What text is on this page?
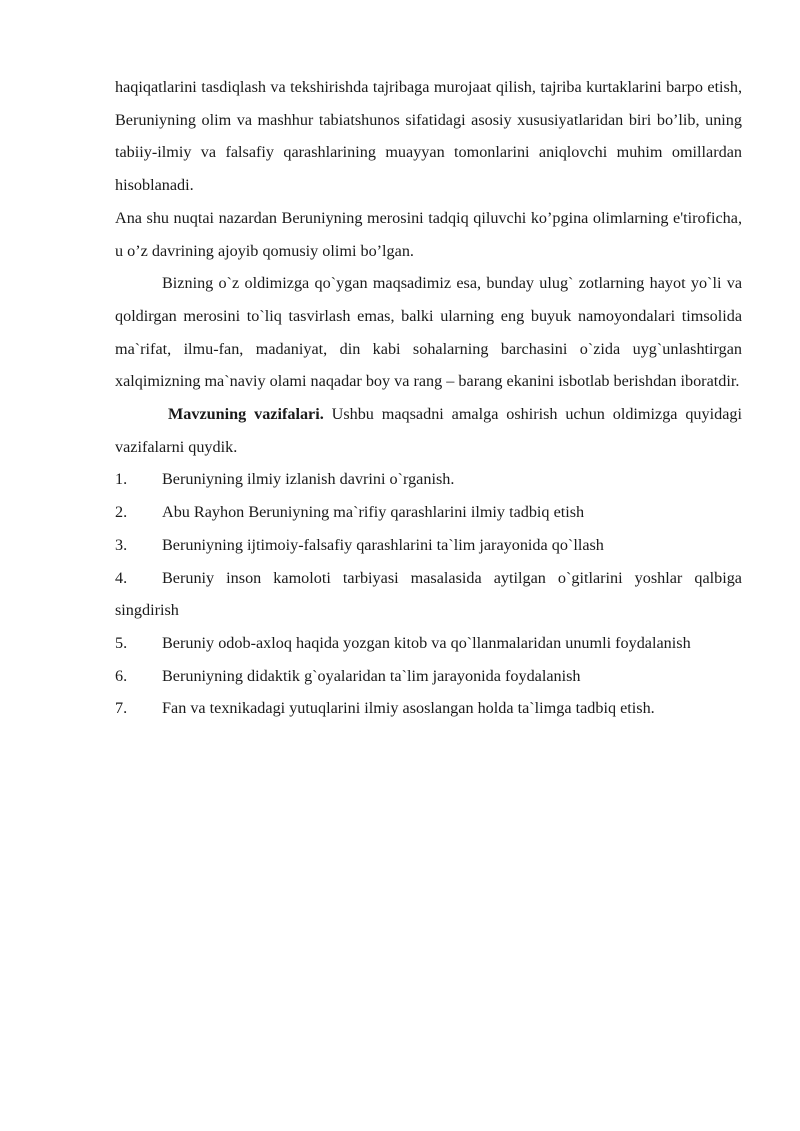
haqiqatlarini tasdiqlash va tekshirishda tajribaga murojaat qilish, tajriba kurtaklarini barpo etish, Beruniyning olim va mashhur tabiatshunos sifatidagi asosiy xususiyatlaridan biri bo’lib, uning tabiiy-ilmiy va falsafiy qarashlarining muayyan tomonlarini aniqlovchi muhim omillardan hisoblanadi.

Ana shu nuqtai nazardan Beruniyning merosini tadqiq qiluvchi ko’pgina olimlarning e'tiroficha, u o’z davrining ajoyib qomusiy olimi bo’lgan.

Bizning o`z oldimizga qo`ygan maqsadimiz esa, bunday ulug` zotlarning hayot yo`li va qoldirgan merosini to`liq tasvirlash emas, balki ularning eng buyuk namoyondalari timsolida ma`rifat, ilmu-fan, madaniyat, din kabi sohalarning barchasini o`zida uyg`unlashtirgan xalqimizning ma`naviy olami naqadar boy va rang – barang ekanini isbotlab berishdan iboratdir.

Mavzuning vazifalari. Ushbu maqsadni amalga oshirish uchun oldimizga quyidagi vazifalarni quydik.

1. Beruniyning ilmiy izlanish davrini o`rganish.

2. Abu Rayhon Beruniyning ma`rifiy qarashlarini ilmiy tadbiq etish

3. Beruniyning ijtimoiy-falsafiy qarashlarini ta`lim jarayonida qo`llash

4. Beruniy inson kamoloti tarbiyasi masalasida aytilgan o`gitlarini yoshlar qalbiga singdirish

5. Beruniy odob-axloq haqida yozgan kitob va qo`llanmalaridan unumli foydalanish

6. Beruniyning didaktik g`oyalaridan ta`lim jarayonida foydalanish

7. Fan va texnikadagi yutuqlarini ilmiy asoslangan holda ta`limga tadbiq etish.
